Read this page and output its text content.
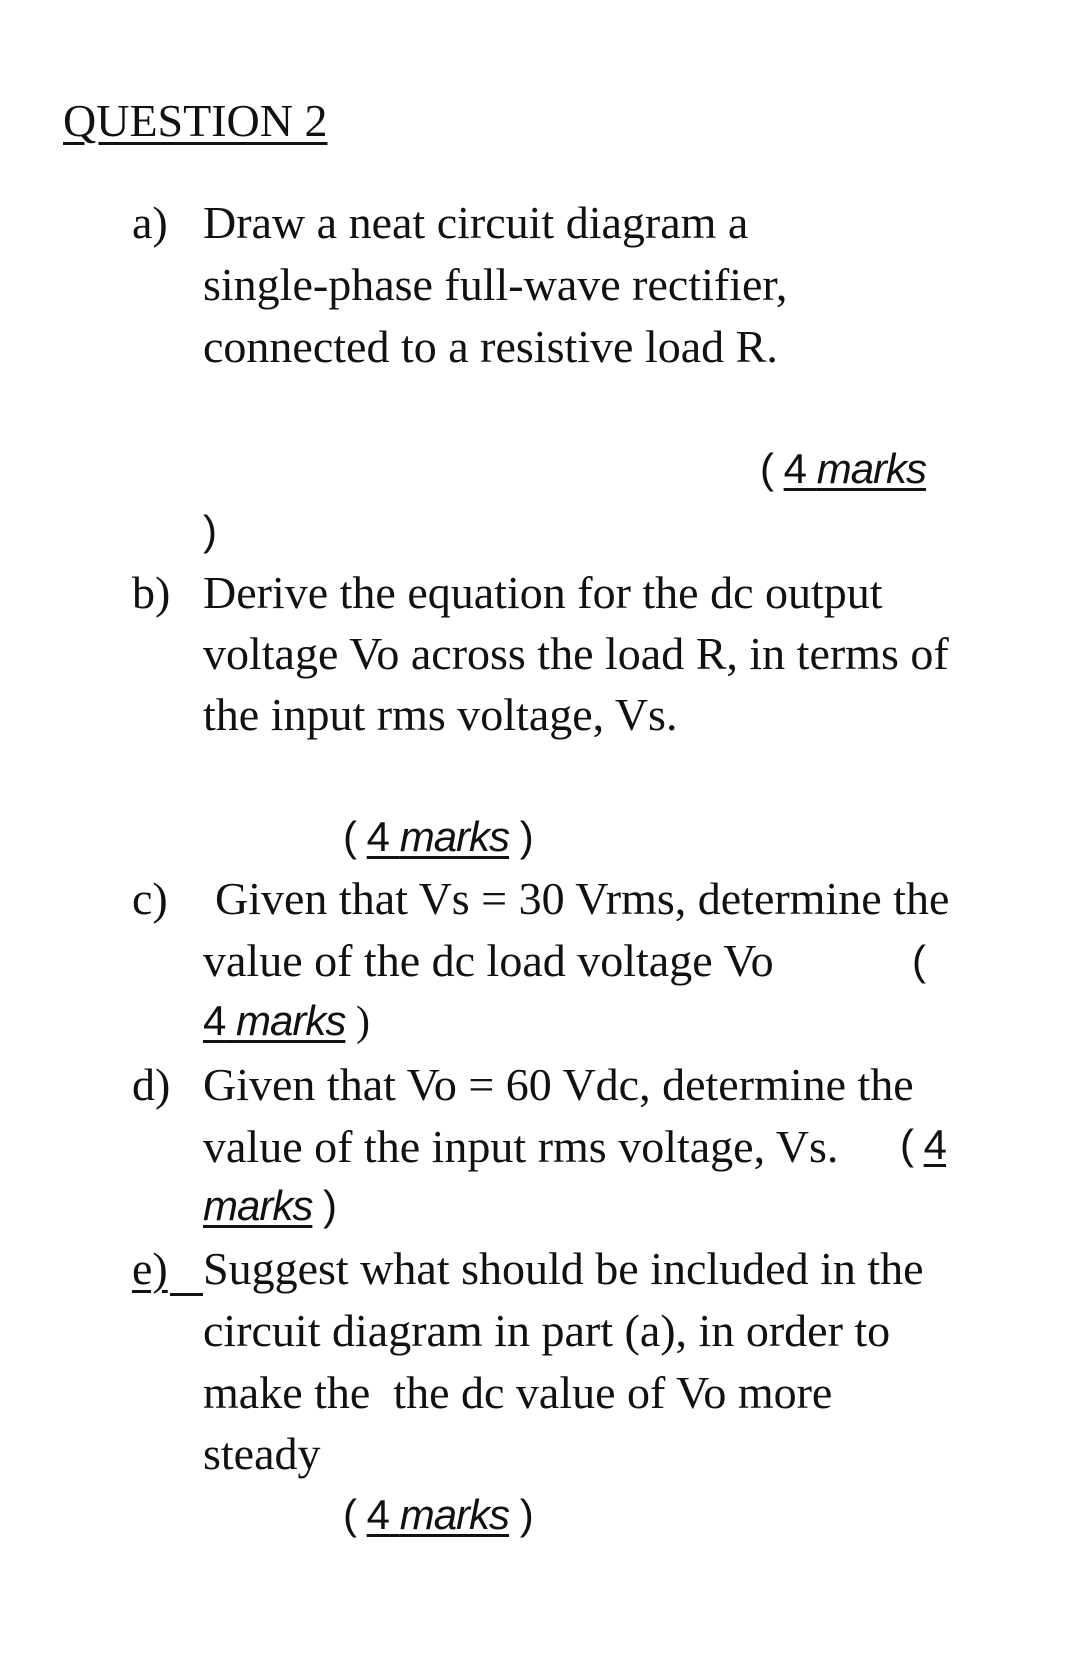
QUESTION 2
a) Draw a neat circuit diagram a
single-phase full-wave rectifier,
connected to a resistive load R.
( 4 marks
)
b) Derive the equation for the dc output
voltage Vo across the load R, in terms of
the input rms voltage, Vs.
( 4 marks )
c) Given that Vs = 30 Vrms, determine the
value of the dc load voltage Vo	(
4 marks )
d) Given that Vo = 60 Vdc, determine the
value of the input rms voltage, Vs. ( 4
marks )
e) Suggest what should be included in the
circuit diagram in part (a), in order to
make the  the dc value of Vo more
steady
( 4 marks )
